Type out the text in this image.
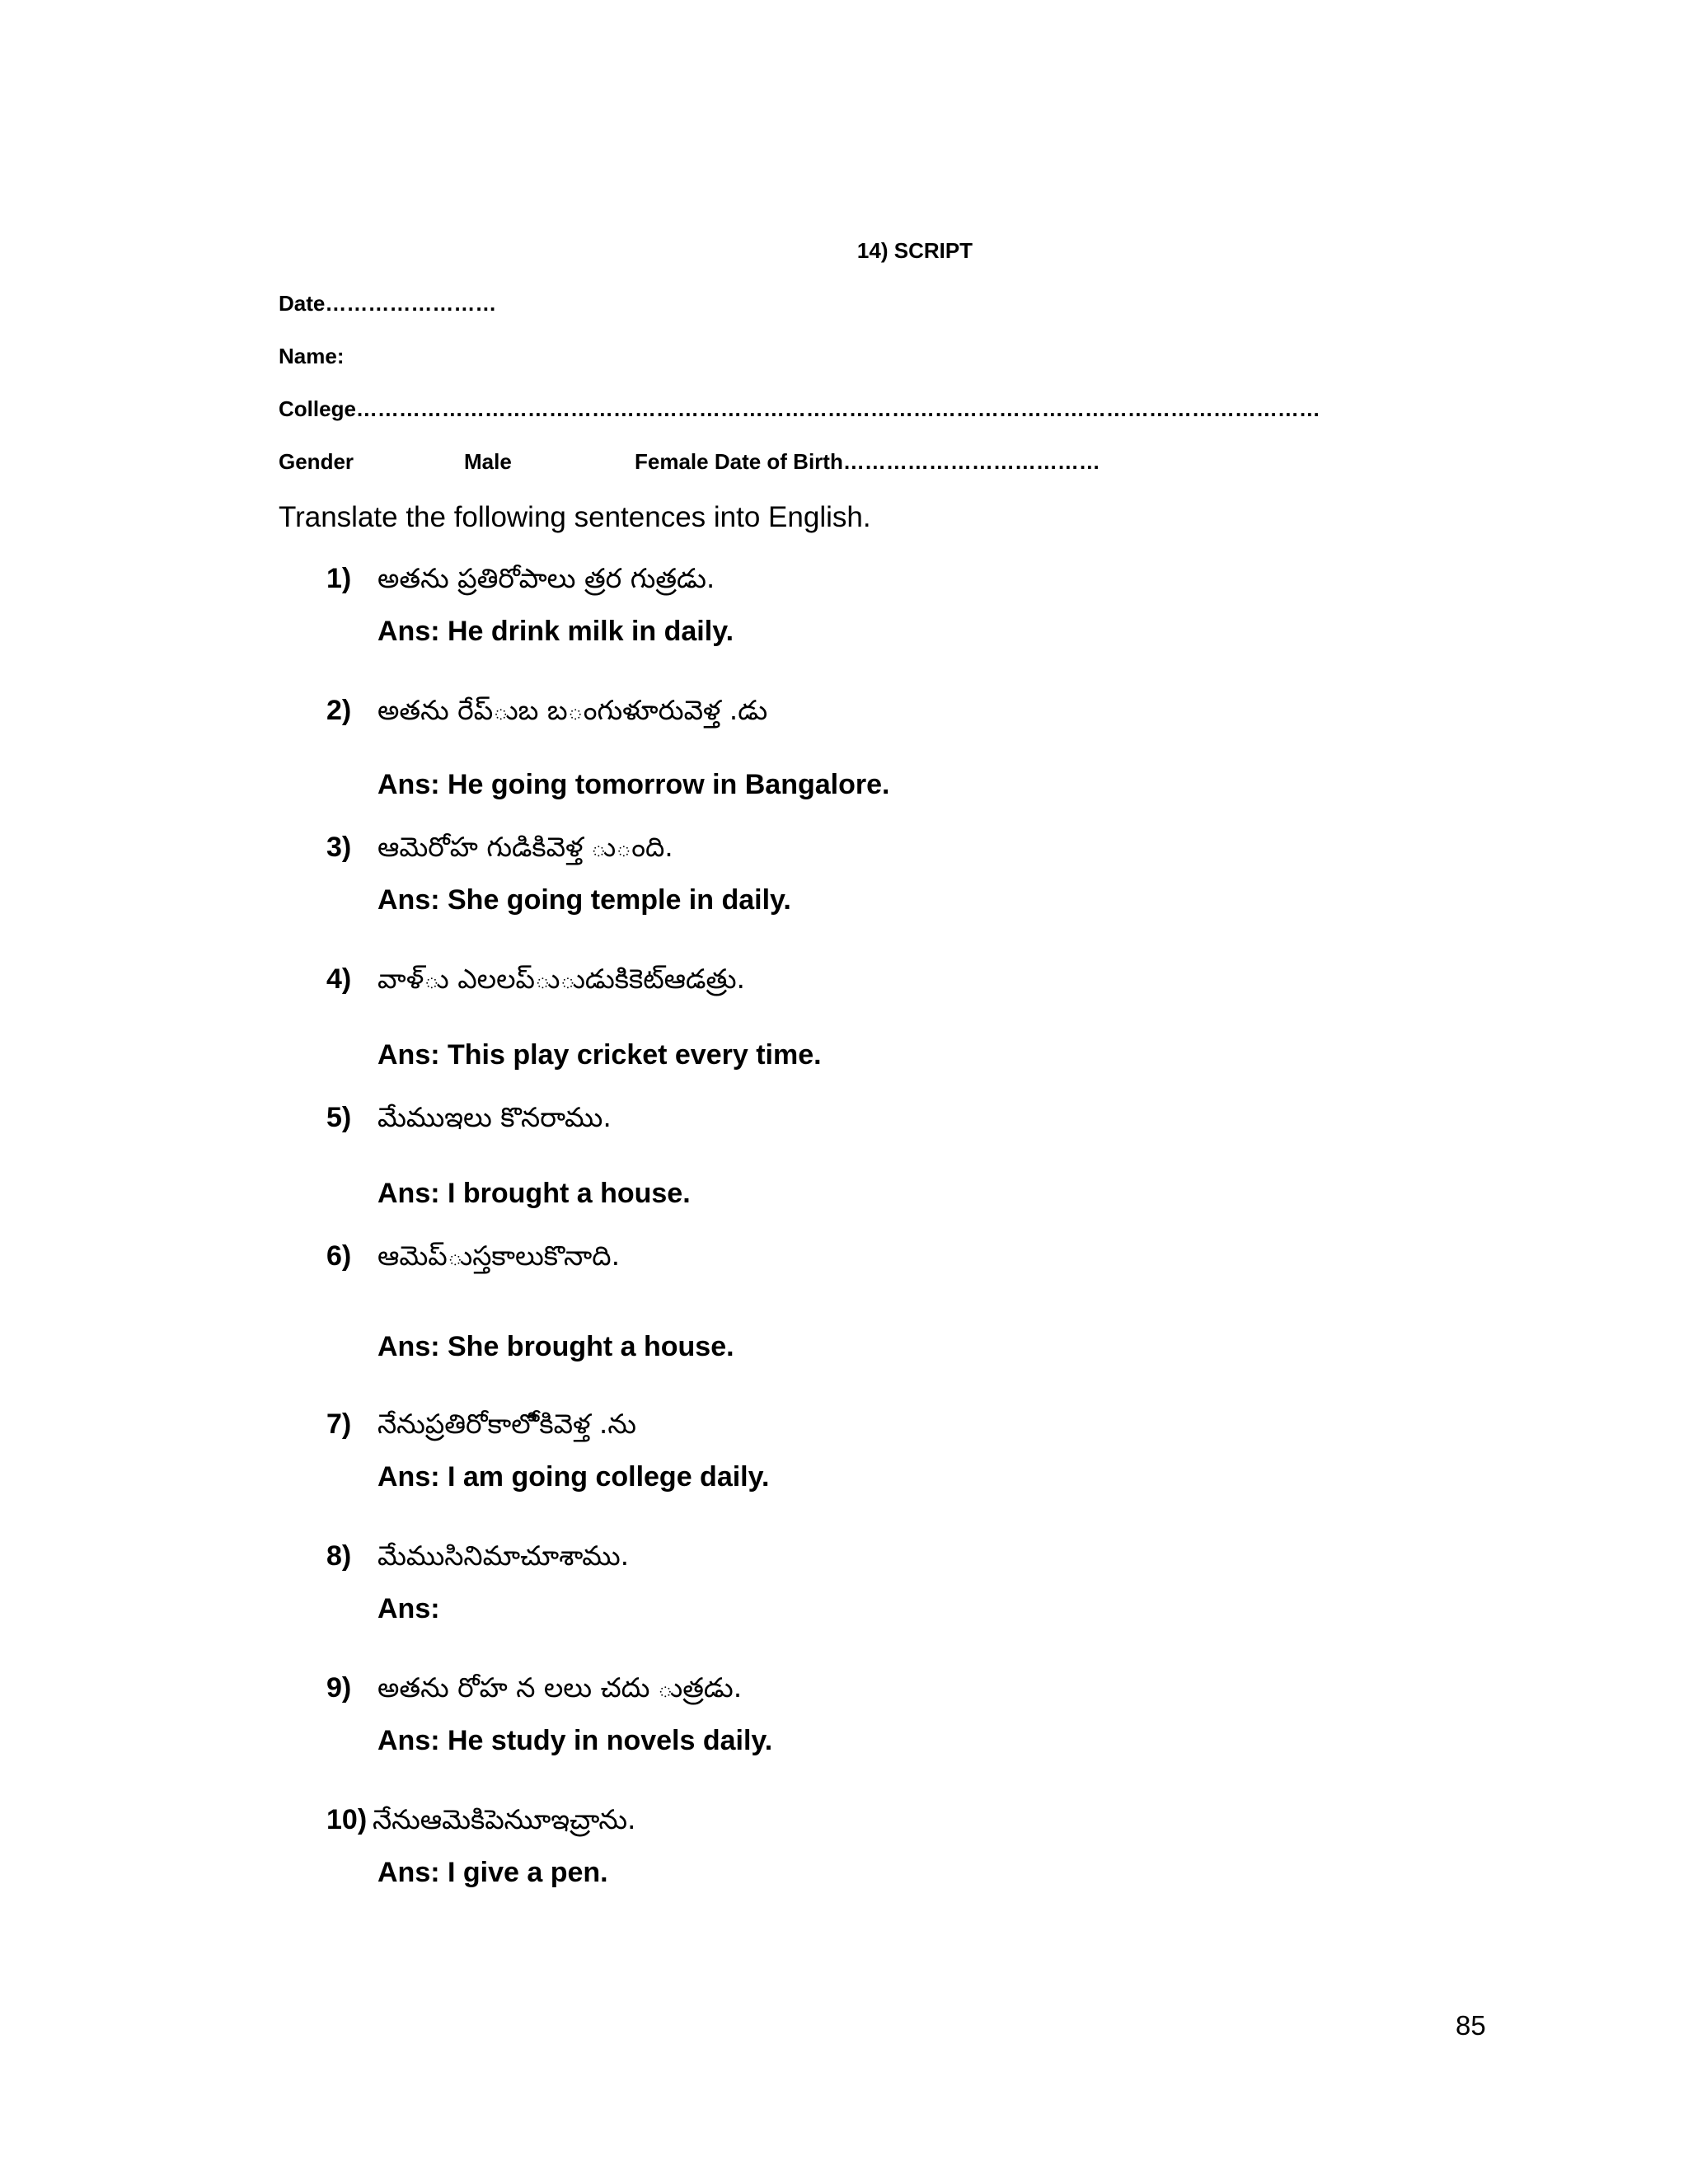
14) SCRIPT
Date……………………
Name:
College………………………………………………………………………………………………………………………
Gender	Male	Female Date of Birth………………………………
Translate the following sentences into English.
1) అతను ప్రతిరోపాలు త్రర గుత్రడు.
Ans: He drink milk in daily.
2) అతను రేప్ుబ బ◌ంగుళూరువెళ్త .డు
Ans: He going tomorrow in Bangalore.
3) ఆమెరోహ గుడికివెళ్త ు◌ంది.
Ans: She going temple in daily.
4) వాళ్ు ఎలలప్ు◌ుడుకిికెట్ఆడత్రు.
Ans: This play cricket every time.
5) మేముఇలు కొనరాము.
Ans: I brought a house.
6) ఆమెప్ుస్తకాలుకొనాది.
Ans: She brought a house.
7) నేనుప్రతిరోకాలోికివెళ్త .ను
Ans: I am going college daily.
8) మేముసినిమాచూశాము.
Ans:
9) అతను రోహ న లలు చదు ుత్రడు.
Ans: He study in novels daily.
10) నేనుఆమెకిపెనుూఇచ్రాను.
Ans: I give a pen.
85
